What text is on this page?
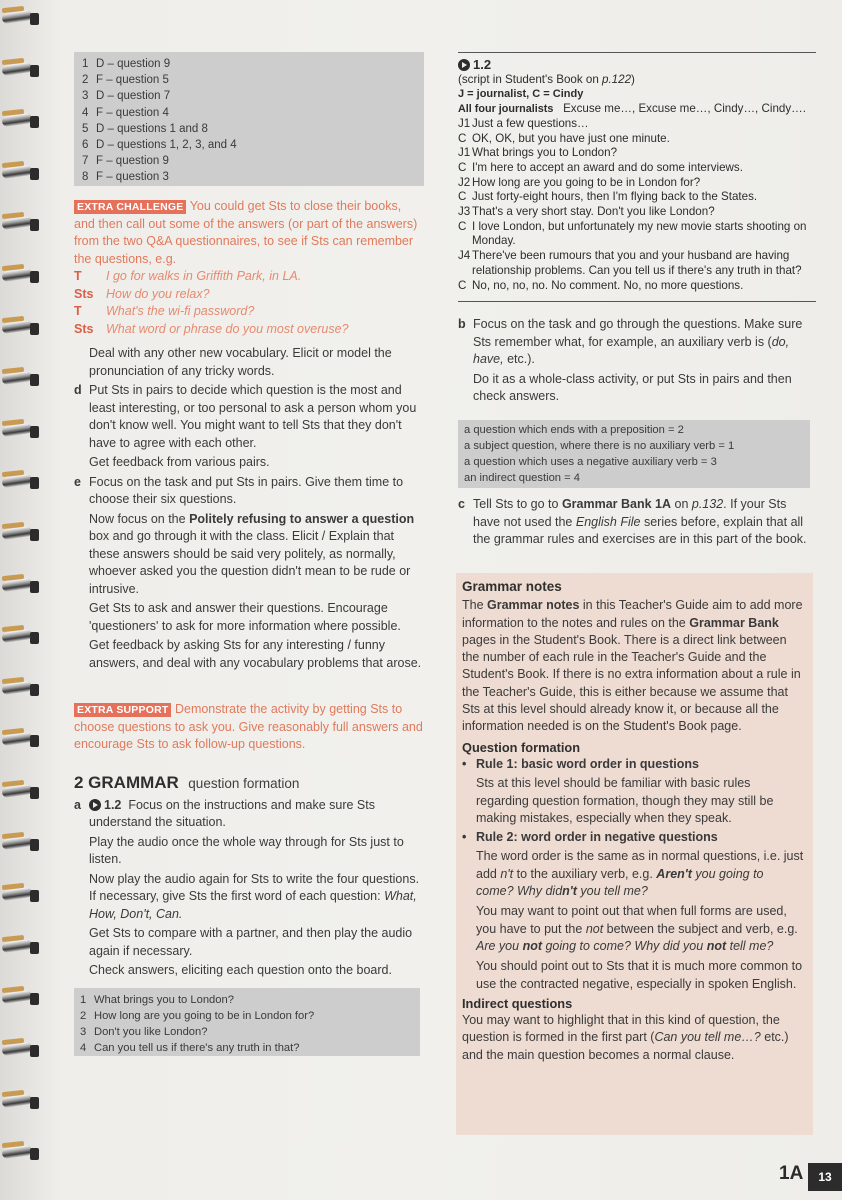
1 D – question 9
2 F – question 5
3 D – question 7
4 F – question 4
5 D – questions 1 and 8
6 D – questions 1, 2, 3, and 4
7 F – question 9
8 F – question 3
EXTRA CHALLENGE You could get Sts to close their books, and then call out some of the answers (or part of the answers) from the two Q&A questionnaires, to see if Sts can remember the questions, e.g.
T	I go for walks in Griffith Park, in LA.
Sts	How do you relax?
T	What's the wi-fi password?
Sts	What word or phrase do you most overuse?

Deal with any other new vocabulary. Elicit or model the pronunciation of any tricky words.

d Put Sts in pairs to decide which question is the most and least interesting, or too personal to ask a person whom you don't know well. You might want to tell Sts that they don't have to agree with each other.

Get feedback from various pairs.

e Focus on the task and put Sts in pairs. Give them time to choose their six questions.

Now focus on the Politely refusing to answer a question box and go through it with the class. Elicit / Explain that these answers should be said very politely, as normally, whoever asked you the question didn't mean to be rude or intrusive.

Get Sts to ask and answer their questions. Encourage 'questioners' to ask for more information where possible.

Get feedback by asking Sts for any interesting / funny answers, and deal with any vocabulary problems that arose.

EXTRA SUPPORT Demonstrate the activity by getting Sts to choose questions to ask you. Give reasonably full answers and encourage Sts to ask follow-up questions.
2 GRAMMAR question formation
a	1.2 Focus on the instructions and make sure Sts understand the situation.

Play the audio once the whole way through for Sts just to listen.

Now play the audio again for Sts to write the four questions. If necessary, give Sts the first word of each question: What, How, Don't, Can.

Get Sts to compare with a partner, and then play the audio again if necessary.

Check answers, eliciting each question onto the board.

1 What brings you to London?
2 How long are you going to be in London for?
3 Don't you like London?
4 Can you tell us if there's any truth in that?
1.2
(script in Student's Book on p.122)
J = journalist, C = Cindy
All four journalists Excuse me…, Excuse me…, Cindy…, Cindy….
J1 Just a few questions…
C OK, OK, but you have just one minute.
J1 What brings you to London?
C I'm here to accept an award and do some interviews.
J2 How long are you going to be in London for?
C Just forty-eight hours, then I'm flying back to the States.
J3 That's a very short stay. Don't you like London?
C I love London, but unfortunately my new movie starts shooting on Monday.
J4 There've been rumours that you and your husband are having relationship problems. Can you tell us if there's any truth in that?
C No, no, no, no. No comment. No, no more questions.
b Focus on the task and go through the questions. Make sure Sts remember what, for example, an auxiliary verb is (do, have, etc.).

Do it as a whole-class activity, or put Sts in pairs and then check answers.

a question which ends with a preposition = 2
a subject question, where there is no auxiliary verb = 1
a question which uses a negative auxiliary verb = 3
an indirect question = 4
c Tell Sts to go to Grammar Bank 1A on p.132. If your Sts have not used the English File series before, explain that all the grammar rules and exercises are in this part of the book.

Grammar notes

The Grammar notes in this Teacher's Guide aim to add more information to the notes and rules on the Grammar Bank pages in the Student's Book. There is a direct link between the number of each rule in the Teacher's Guide and the Student's Book. If there is no extra information about a rule in the Teacher's Guide, this is either because we assume that Sts at this level should already know it, or because all the information needed is on the Student's Book page.

Question formation
• Rule 1: basic word order in questions
Sts at this level should be familiar with basic rules regarding question formation, though they may still be making mistakes, especially when they speak.
• Rule 2: word order in negative questions
The word order is the same as in normal questions, i.e. just add n't to the auxiliary verb, e.g. Aren't you going to come? Why didn't you tell me?
You may want to point out that when full forms are used, you have to put the not between the subject and verb, e.g. Are you not going to come? Why did you not tell me?
You should point out to Sts that it is much more common to use the contracted negative, especially in spoken English.
Indirect questions

You may want to highlight that in this kind of question, the question is formed in the first part (Can you tell me…? etc.) and the main question becomes a normal clause.

1A	13
